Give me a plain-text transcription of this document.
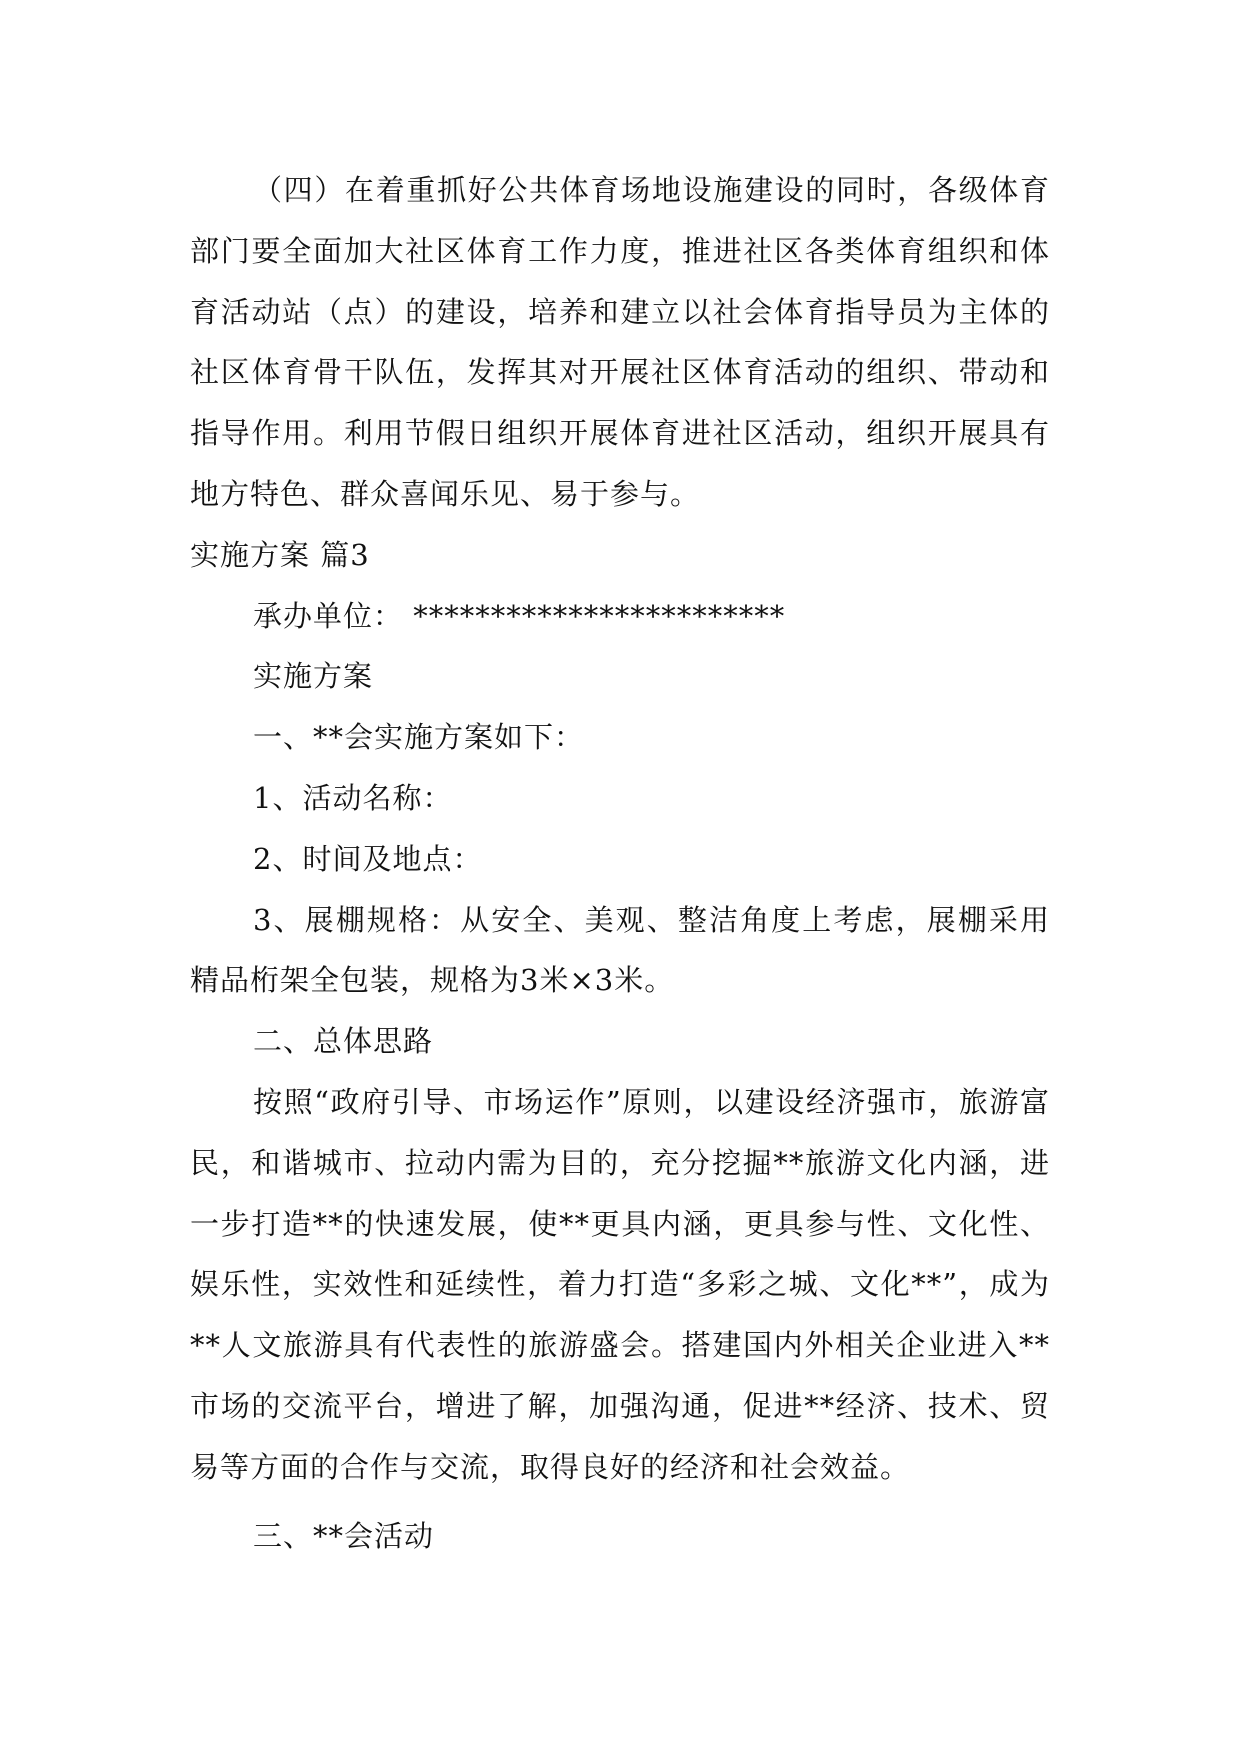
（四）在着重抓好公共体育场地设施建设的同时，各级体育部门要全面加大社区体育工作力度，推进社区各类体育组织和体育活动站（点）的建设，培养和建立以社会体育指导员为主体的社区体育骨干队伍，发挥其对开展社区体育活动的组织、带动和指导作用。利用节假日组织开展体育进社区活动，组织开展具有地方特色、群众喜闻乐见、易于参与。

实施方案 篇3

承办单位： ************************

实施方案

一、**会实施方案如下：

1、活动名称：

2、时间及地点：

3、展棚规格：从安全、美观、整洁角度上考虑，展棚采用精品桁架全包装，规格为3米×3米。

二、总体思路

按照“政府引导、市场运作”原则，以建设经济强市，旅游富民，和谐城市、拉动内需为目的，充分挖掘**旅游文化内涵，进一步打造**的快速发展，使**更具内涵，更具参与性、文化性、娱乐性，实效性和延续性，着力打造“多彩之城、文化**”，成为**人文旅游具有代表性的旅游盛会。搭建国内外相关企业进入**市场的交流平台，增进了解，加强沟通，促进**经济、技术、贸易等方面的合作与交流，取得良好的经济和社会效益。

三、**会活动
